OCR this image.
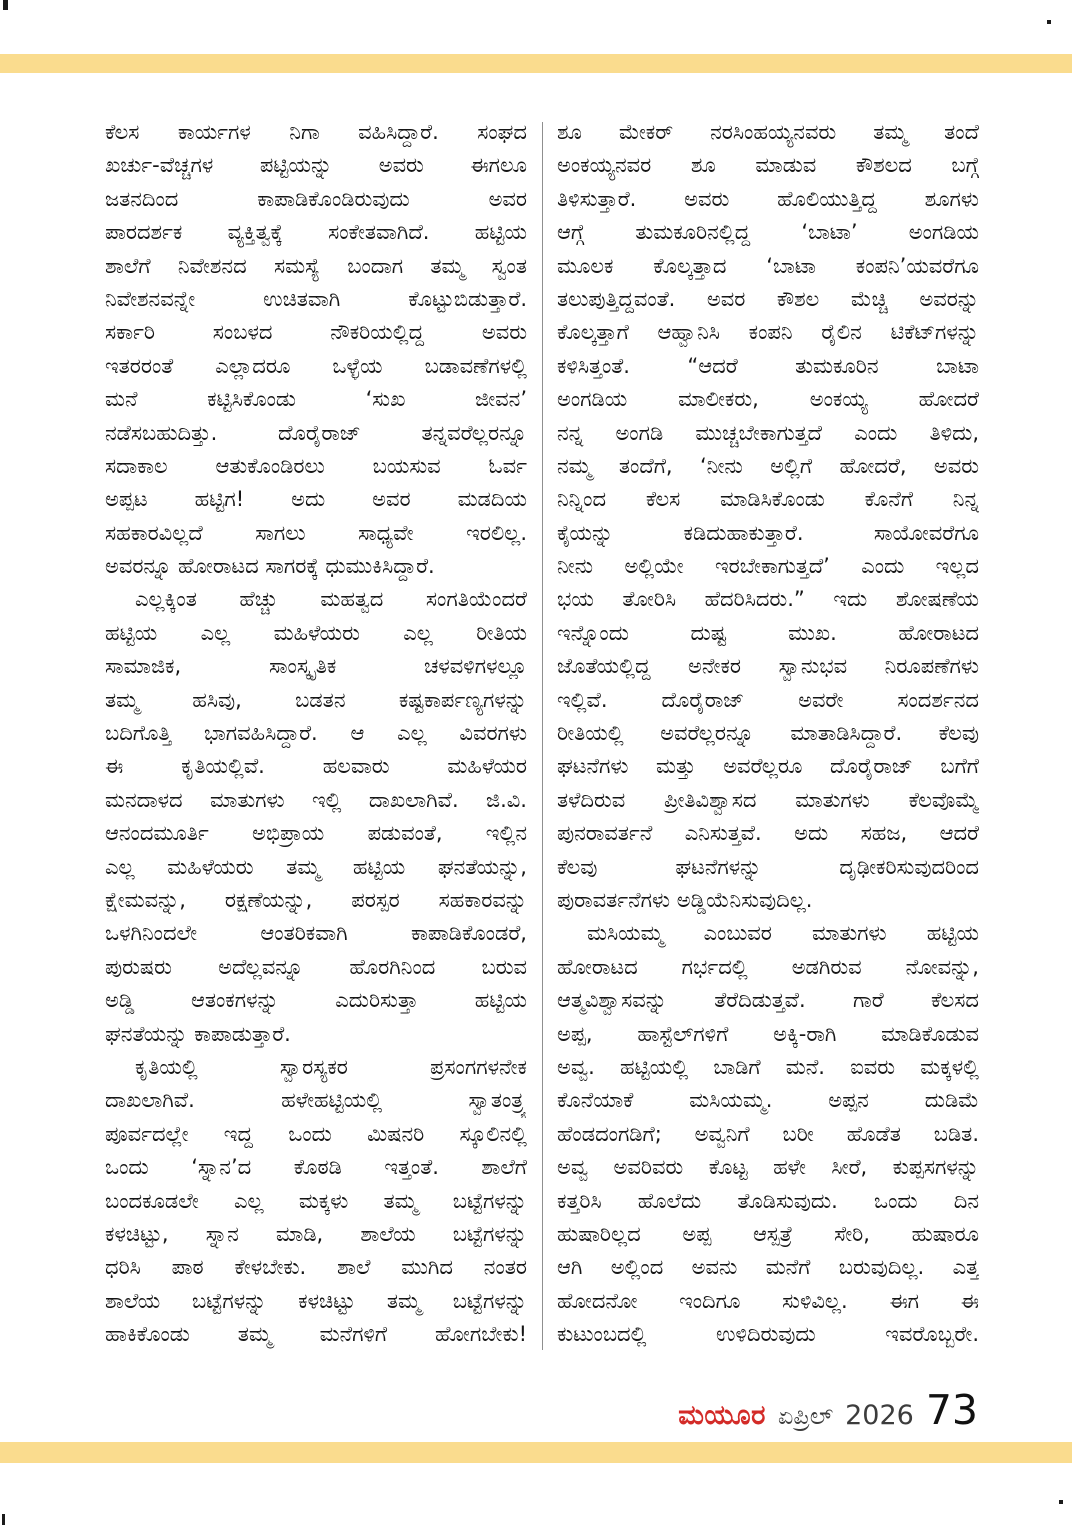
ಕೆಲಸ ಕಾರ್ಯಗಳ ನಿಗಾ ವಹಿಸಿದ್ದಾರೆ. ಸಂಘದ
ಖರ್ಚು-ವೆಚ್ಚಗಳ ಪಟ್ಟಿಯನ್ನು ಅವರು ಈಗಲೂ
ಜತನದಿಂದ ಕಾಪಾಡಿಕೊಂಡಿರುವುದು ಅವರ
ಪಾರದರ್ಶಕ ವ್ಯಕ್ತಿತ್ವಕ್ಕೆ ಸಂಕೇತವಾಗಿದೆ. ಹಟ್ಟಿಯ
ಶಾಲೆಗೆ ನಿವೇಶನದ ಸಮಸ್ಯೆ ಬಂದಾಗ ತಮ್ಮ ಸ್ವಂತ
ನಿವೇಶನವನ್ನೇ ಉಚಿತವಾಗಿ ಕೊಟ್ಟುಬಿಡುತ್ತಾರೆ.
ಸರ್ಕಾರಿ ಸಂಬಳದ ನೌಕರಿಯಲ್ಲಿದ್ದ ಅವರು
ಇತರರಂತೆ ಎಲ್ಲಾದರೂ ಒಳ್ಳೆಯ ಬಡಾವಣೆಗಳಲ್ಲಿ
ಮನೆ ಕಟ್ಟಿಸಿಕೊಂಡು ‘ಸುಖ ಜೀವನ’
ನಡೆಸಬಹುದಿತ್ತು. ದೊರೈರಾಜ್ ತನ್ನವರೆಲ್ಲರನ್ನೂ
ಸದಾಕಾಲ ಆತುಕೊಂಡಿರಲು ಬಯಸುವ ಓರ್ವ
ಅಪ್ಪಟ ಹಟ್ಟಿಗ! ಅದು ಅವರ ಮಡದಿಯ
ಸಹಕಾರವಿಲ್ಲದೆ ಸಾಗಲು ಸಾಧ್ಯವೇ ಇರಲಿಲ್ಲ.
ಅವರನ್ನೂ ಹೋರಾಟದ ಸಾಗರಕ್ಕೆ ಧುಮುಕಿಸಿದ್ದಾರೆ.
ಎಲ್ಲಕ್ಕಿಂತ ಹೆಚ್ಚು ಮಹತ್ವದ ಸಂಗತಿಯೆಂದರೆ
ಹಟ್ಟಿಯ ಎಲ್ಲ ಮಹಿಳೆಯರು ಎಲ್ಲ ರೀತಿಯ
ಸಾಮಾಜಿಕ, ಸಾಂಸ್ಕೃತಿಕ ಚಳವಳಿಗಳಲ್ಲೂ
ತಮ್ಮ ಹಸಿವು, ಬಡತನ ಕಷ್ಟಕಾರ್ಪಣ್ಯಗಳನ್ನು
ಬದಿಗೊತ್ತಿ ಭಾಗವಹಿಸಿದ್ದಾರೆ. ಆ ಎಲ್ಲ ವಿವರಗಳು
ಈ ಕೃತಿಯಲ್ಲಿವೆ. ಹಲವಾರು ಮಹಿಳೆಯರ
ಮನದಾಳದ ಮಾತುಗಳು ಇಲ್ಲಿ ದಾಖಲಾಗಿವೆ. ಜಿ.ವಿ.
ಆನಂದಮೂರ್ತಿ ಅಭಿಪ್ರಾಯ ಪಡುವಂತೆ, ಇಲ್ಲಿನ
ಎಲ್ಲ ಮಹಿಳೆಯರು ತಮ್ಮ ಹಟ್ಟಿಯ ಘನತೆಯನ್ನು,
ಕ್ಷೇಮವನ್ನು, ರಕ್ಷಣೆಯನ್ನು, ಪರಸ್ಪರ ಸಹಕಾರವನ್ನು
ಒಳಗಿನಿಂದಲೇ ಆಂತರಿಕವಾಗಿ ಕಾಪಾಡಿಕೊಂಡರೆ,
ಪುರುಷರು ಅದೆಲ್ಲವನ್ನೂ ಹೊರಗಿನಿಂದ ಬರುವ
ಅಡ್ಡಿ ಆತಂಕಗಳನ್ನು ಎದುರಿಸುತ್ತಾ ಹಟ್ಟಿಯ
ಘನತೆಯನ್ನು ಕಾಪಾಡುತ್ತಾರೆ.
ಕೃತಿಯಲ್ಲಿ ಸ್ವಾರಸ್ಯಕರ ಪ್ರಸಂಗಗಳನೇಕ
ದಾಖಲಾಗಿವೆ. ಹಳೇಹಟ್ಟಿಯಲ್ಲಿ ಸ್ವಾತಂತ್ರ್ಯ
ಪೂರ್ವದಲ್ಲೇ ಇದ್ದ ಒಂದು ಮಿಷನರಿ ಸ್ಕೂಲಿನಲ್ಲಿ
ಒಂದು ‘ಸ್ನಾನ’ದ ಕೊಠಡಿ ಇತ್ತಂತೆ. ಶಾಲೆಗೆ
ಬಂದಕೂಡಲೇ ಎಲ್ಲ ಮಕ್ಕಳು ತಮ್ಮ ಬಟ್ಟೆಗಳನ್ನು
ಕಳಚಿಟ್ಟು, ಸ್ನಾನ ಮಾಡಿ, ಶಾಲೆಯ ಬಟ್ಟೆಗಳನ್ನು
ಧರಿಸಿ ಪಾಠ ಕೇಳಬೇಕು. ಶಾಲೆ ಮುಗಿದ ನಂತರ
ಶಾಲೆಯ ಬಟ್ಟೆಗಳನ್ನು ಕಳಚಿಟ್ಟು ತಮ್ಮ ಬಟ್ಟೆಗಳನ್ನು
ಹಾಕಿಕೊಂಡು ತಮ್ಮ ಮನೆಗಳಿಗೆ ಹೋಗಬೇಕು!
ಶೂ ಮೇಕರ್ ನರಸಿಂಹಯ್ಯನವರು ತಮ್ಮ ತಂದೆ
ಅಂಕಯ್ಯನವರ ಶೂ ಮಾಡುವ ಕೌಶಲದ ಬಗ್ಗೆ
ತಿಳಿಸುತ್ತಾರೆ. ಅವರು ಹೊಲಿಯುತ್ತಿದ್ದ ಶೂಗಳು
ಆಗ್ಗೆ ತುಮಕೂರಿನಲ್ಲಿದ್ದ ‘ಬಾಟಾ’ ಅಂಗಡಿಯ
ಮೂಲಕ ಕೊಲ್ಕತ್ತಾದ ‘ಬಾಟಾ ಕಂಪನಿ’ಯವರೆಗೂ
ತಲುಪುತ್ತಿದ್ದವಂತೆ. ಅವರ ಕೌಶಲ ಮೆಚ್ಚಿ ಅವರನ್ನು
ಕೊಲ್ಕತ್ತಾಗೆ ಆಹ್ವಾನಿಸಿ ಕಂಪನಿ ರೈಲಿನ ಟಿಕೆಟ್‌ಗಳನ್ನು
ಕಳಿಸಿತ್ತಂತೆ. “ಆದರೆ ತುಮಕೂರಿನ ಬಾಟಾ
ಅಂಗಡಿಯ ಮಾಲೀಕರು, ಅಂಕಯ್ಯ ಹೋದರೆ
ನನ್ನ ಅಂಗಡಿ ಮುಚ್ಚಬೇಕಾಗುತ್ತದೆ ಎಂದು ತಿಳಿದು,
ನಮ್ಮ ತಂದೆಗೆ, ‘ನೀನು ಅಲ್ಲಿಗೆ ಹೋದರೆ, ಅವರು
ನಿನ್ನಿಂದ ಕೆಲಸ ಮಾಡಿಸಿಕೊಂಡು ಕೊನೆಗೆ ನಿನ್ನ
ಕೈಯನ್ನು ಕಡಿದುಹಾಕುತ್ತಾರೆ. ಸಾಯೋವರೆಗೂ
ನೀನು ಅಲ್ಲಿಯೇ ಇರಬೇಕಾಗುತ್ತದೆ’ ಎಂದು ಇಲ್ಲದ
ಭಯ ತೋರಿಸಿ ಹೆದರಿಸಿದರು.” ಇದು ಶೋಷಣೆಯ
ಇನ್ನೊಂದು ದುಷ್ಟ ಮುಖ. ಹೋರಾಟದ
ಜೊತೆಯಲ್ಲಿದ್ದ ಅನೇಕರ ಸ್ವಾನುಭವ ನಿರೂಪಣೆಗಳು
ಇಲ್ಲಿವೆ. ದೊರೈರಾಜ್ ಅವರೇ ಸಂದರ್ಶನದ
ರೀತಿಯಲ್ಲಿ ಅವರೆಲ್ಲರನ್ನೂ ಮಾತಾಡಿಸಿದ್ದಾರೆ. ಕೆಲವು
ಘಟನೆಗಳು ಮತ್ತು ಅವರೆಲ್ಲರೂ ದೊರೈರಾಜ್ ಬಗೆಗೆ
ತಳೆದಿರುವ ಪ್ರೀತಿವಿಶ್ವಾಸದ ಮಾತುಗಳು ಕೆಲವೊಮ್ಮೆ
ಪುನರಾವರ್ತನೆ ಎನಿಸುತ್ತವೆ. ಅದು ಸಹಜ, ಆದರೆ
ಕೆಲವು ಘಟನೆಗಳನ್ನು ದೃಢೀಕರಿಸುವುದರಿಂದ
ಪುರಾವರ್ತನೆಗಳು ಅಡ್ಡಿಯೆನಿಸುವುದಿಲ್ಲ.
ಮಸಿಯಮ್ಮ ಎಂಬುವರ ಮಾತುಗಳು ಹಟ್ಟಿಯ
ಹೋರಾಟದ ಗರ್ಭದಲ್ಲಿ ಅಡಗಿರುವ ನೋವನ್ನು,
ಆತ್ಮವಿಶ್ವಾಸವನ್ನು ತೆರೆದಿಡುತ್ತವೆ. ಗಾರೆ ಕೆಲಸದ
ಅಪ್ಪ, ಹಾಸ್ಟೆಲ್‌ಗಳಿಗೆ ಅಕ್ಕಿ-ರಾಗಿ ಮಾಡಿಕೊಡುವ
ಅವ್ವ. ಹಟ್ಟಿಯಲ್ಲಿ ಬಾಡಿಗೆ ಮನೆ. ಐವರು ಮಕ್ಕಳಲ್ಲಿ
ಕೊನೆಯಾಕೆ ಮಸಿಯಮ್ಮ. ಅಪ್ಪನ ದುಡಿಮೆ
ಹೆಂಡದಂಗಡಿಗೆ; ಅವ್ವನಿಗೆ ಬರೀ ಹೊಡೆತ ಬಡಿತ.
ಅವ್ವ ಅವರಿವರು ಕೊಟ್ಟ ಹಳೇ ಸೀರೆ, ಕುಪ್ಪಸಗಳನ್ನು
ಕತ್ತರಿಸಿ ಹೊಲೆದು ತೊಡಿಸುವುದು. ಒಂದು ದಿನ
ಹುಷಾರಿಲ್ಲದ ಅಪ್ಪ ಆಸ್ಪತ್ರೆ ಸೇರಿ, ಹುಷಾರೂ
ಆಗಿ ಅಲ್ಲಿಂದ ಅವನು ಮನೆಗೆ ಬರುವುದಿಲ್ಲ. ಎತ್ತ
ಹೋದನೋ ಇಂದಿಗೂ ಸುಳಿವಿಲ್ಲ. ಈಗ ಈ
ಕುಟುಂಬದಲ್ಲಿ ಉಳಿದಿರುವುದು ಇವರೊಬ್ಬರೇ.
ಮಯೂರ ಏಪ್ರಿಲ್ 2026 73
